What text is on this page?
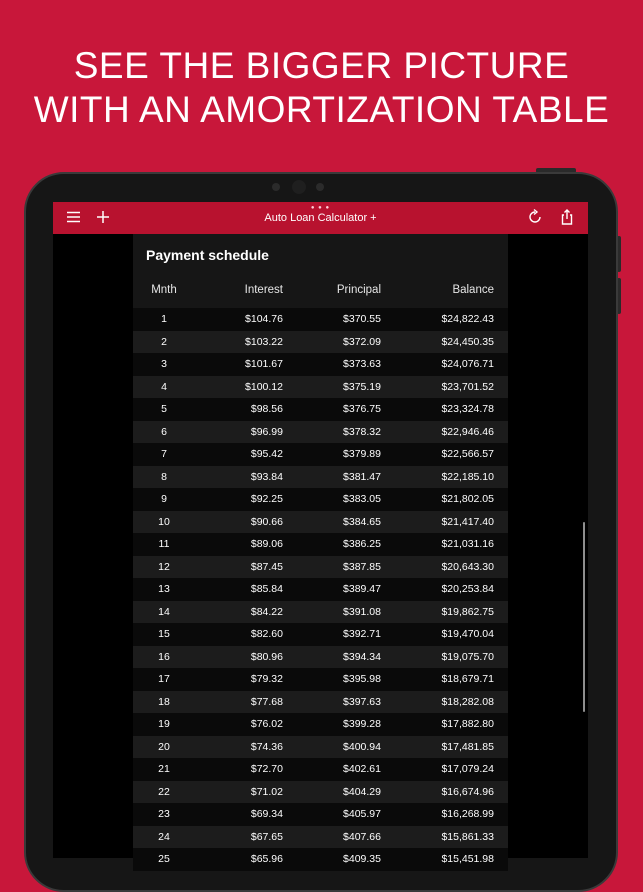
SEE THE BIGGER PICTURE
WITH AN AMORTIZATION TABLE
● ● ●
Auto Loan Calculator +
Payment schedule
Mnth	Interest	Principal	Balance
1	$104.76	$370.55	$24,822.43
2	$103.22	$372.09	$24,450.35
3	$101.67	$373.63	$24,076.71
4	$100.12	$375.19	$23,701.52
5	$98.56	$376.75	$23,324.78
6	$96.99	$378.32	$22,946.46
7	$95.42	$379.89	$22,566.57
8	$93.84	$381.47	$22,185.10
9	$92.25	$383.05	$21,802.05
10	$90.66	$384.65	$21,417.40
11	$89.06	$386.25	$21,031.16
12	$87.45	$387.85	$20,643.30
13	$85.84	$389.47	$20,253.84
14	$84.22	$391.08	$19,862.75
15	$82.60	$392.71	$19,470.04
16	$80.96	$394.34	$19,075.70
17	$79.32	$395.98	$18,679.71
18	$77.68	$397.63	$18,282.08
19	$76.02	$399.28	$17,882.80
20	$74.36	$400.94	$17,481.85
21	$72.70	$402.61	$17,079.24
22	$71.02	$404.29	$16,674.96
23	$69.34	$405.97	$16,268.99
24	$67.65	$407.66	$15,861.33
25	$65.96	$409.35	$15,451.98
